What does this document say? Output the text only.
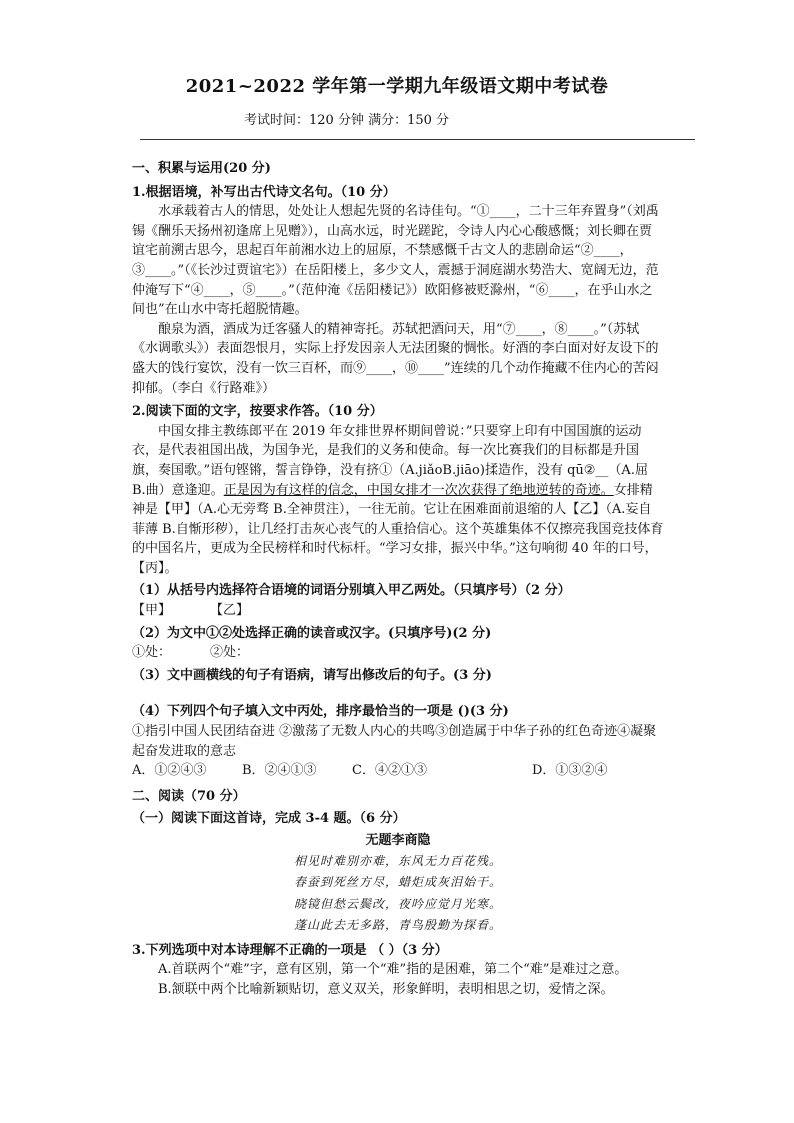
2021~2022 学年第一学期九年级语文期中考试卷
考试时间：120 分钟 满分：150 分

一、积累与运用(20 分)

1.根据语境，补写出古代诗文名句。（10 分）

水承载着古人的情思，处处让人想起先贤的名诗佳句。“①____，二十三年弃置身”（刘禹锡《酬乐天扬州初逢席上见赠》），山高水远，时光蹉跎，令诗人内心心酸感慨；刘长卿在贾谊宅前溯古思今，思起百年前湘水边上的屈原，不禁感慨千古文人的悲剧命运“②____，③____。”（《长沙过贾谊宅》）在岳阳楼上，多少文人，震撼于洞庭湖水势浩大、宽阔无边，范仲淹写下“④____，⑤____。”（范仲淹《岳阳楼记》）欧阳修被贬滁州，“⑥____，在乎山水之间也”在山水中寄托超脱情趣。

酿泉为酒，酒成为迁客骚人的精神寄托。苏轼把酒问天，用“⑦____，⑧____。”（苏轼《水调歌头》）表面怨恨月，实际上抒发因亲人无法团聚的惆怅。好酒的李白面对好友设下的盛大的饯行宴饮，没有一饮三百杯，而⑨____，⑩____”连续的几个动作掩藏不住内心的苦闷抑郁。（李白《行路难》）

2.阅读下面的文字，按要求作答。（10 分）

中国女排主教练郎平在 2019 年女排世界杯期间曾说：”只要穿上印有中国国旗的运动衣，是代表祖国出战，为国争光，是我们的义务和使命。每一次比赛我们的目标都是升国旗，奏国歌。”语句铿锵，誓言铮铮，没有挤①（A.jiǎoB.jiāo)揉造作，没有 qū②__（A.屈 B.曲）意逢迎。正是因为有这样的信念，中国女排才一次次获得了绝地逆转的奇迹。女排精神是【甲】（A.心无旁骛 B.全神贯注），一往无前。它让在困难面前退缩的人【乙】（A.妄自菲薄 B.自惭形秽），让几经打击灰心丧气的人重拾信心。这个英雄集体不仅擦亮我国竞技体育的中国名片，更成为全民榜样和时代标杆。“学习女排，振兴中华。”这句响彻 40 年的口号，【丙】。

（1）从括号内选择符合语境的词语分别填入甲乙两处。（只填序号）（2 分）

【甲】	【乙】

（2）为文中①②处选择正确的读音或汉字。(只填序号)(2 分)

①处：	②处：

（3）文中画横线的句子有语病，请写出修改后的句子。(3 分)

（4）下列四个句子填入文中丙处，排序最恰当的一项是 ()(3 分)

①指引中国人民团结奋进 ②激荡了无数人内心的共鸣③创造属于中华子孙的红色奇迹④凝聚起奋发进取的意志

A．①②④③	B．②④①③	C．④②①③	D．①③②④

二、阅读（70 分）

（一）阅读下面这首诗，完成 3-4 题。（6 分）

无题李商隐

相见时难别亦难，东风无力百花残。

春蚕到死丝方尽，蜡炬成灰泪始干。

晓镜但愁云鬓改，夜吟应觉月光寒。

蓬山此去无多路，青鸟殷勤为探看。

3.下列选项中对本诗理解不正确的一项是 （ ）（3 分）

A.首联两个“难”字，意有区别，第一个“难”指的是困难，第二个“难”是难过之意。

B.颔联中两个比喻新颖贴切，意义双关，形象鲜明，表明相思之切，爱情之深。
